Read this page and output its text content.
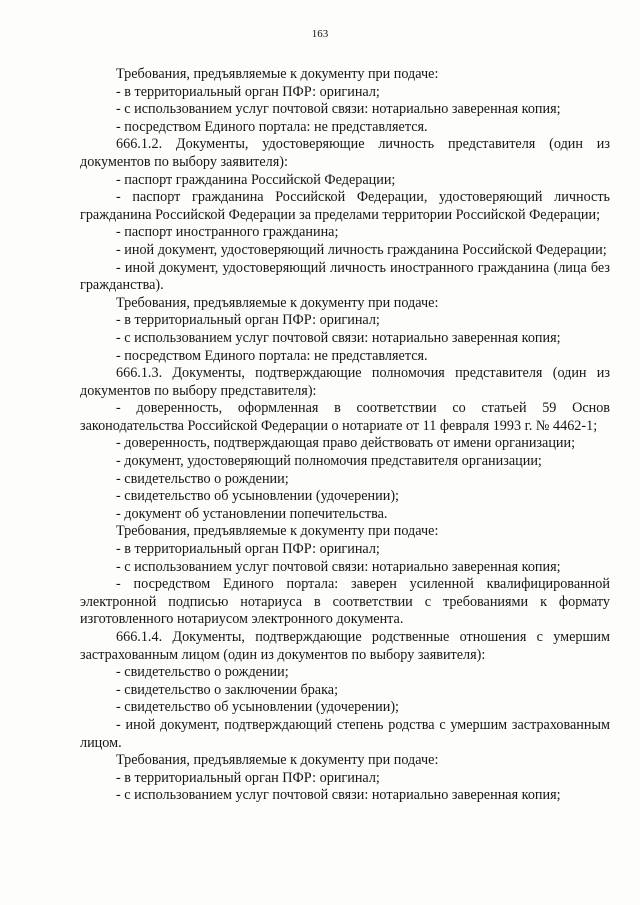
163

Требования, предъявляемые к документу при подаче:

- в территориальный орган ПФР: оригинал;

- с использованием услуг почтовой связи: нотариально заверенная копия;

- посредством Единого портала: не представляется.

666.1.2. Документы, удостоверяющие личность представителя (один из документов по выбору заявителя):

- паспорт гражданина Российской Федерации;

- паспорт гражданина Российской Федерации, удостоверяющий личность гражданина Российской Федерации за пределами территории Российской Федерации;

- паспорт иностранного гражданина;

- иной документ, удостоверяющий личность гражданина Российской Федерации;

- иной документ, удостоверяющий личность иностранного гражданина (лица без гражданства).

Требования, предъявляемые к документу при подаче:

- в территориальный орган ПФР: оригинал;

- с использованием услуг почтовой связи: нотариально заверенная копия;

- посредством Единого портала: не представляется.

666.1.3. Документы, подтверждающие полномочия представителя (один из документов по выбору представителя):

- доверенность, оформленная в соответствии со статьей 59 Основ законодательства Российской Федерации о нотариате от 11 февраля 1993 г. № 4462-1;

- доверенность, подтверждающая право действовать от имени организации;

- документ, удостоверяющий полномочия представителя организации;

- свидетельство о рождении;

- свидетельство об усыновлении (удочерении);

- документ об установлении попечительства.

Требования, предъявляемые к документу при подаче:

- в территориальный орган ПФР: оригинал;

- с использованием услуг почтовой связи: нотариально заверенная копия;

- посредством Единого портала: заверен усиленной квалифицированной электронной подписью нотариуса в соответствии с требованиями к формату изготовленного нотариусом электронного документа.

666.1.4. Документы, подтверждающие родственные отношения с умершим застрахованным лицом (один из документов по выбору заявителя):

- свидетельство о рождении;

- свидетельство о заключении брака;

- свидетельство об усыновлении (удочерении);

- иной документ, подтверждающий степень родства с умершим застрахованным лицом.

Требования, предъявляемые к документу при подаче:

- в территориальный орган ПФР: оригинал;

- с использованием услуг почтовой связи: нотариально заверенная копия;
